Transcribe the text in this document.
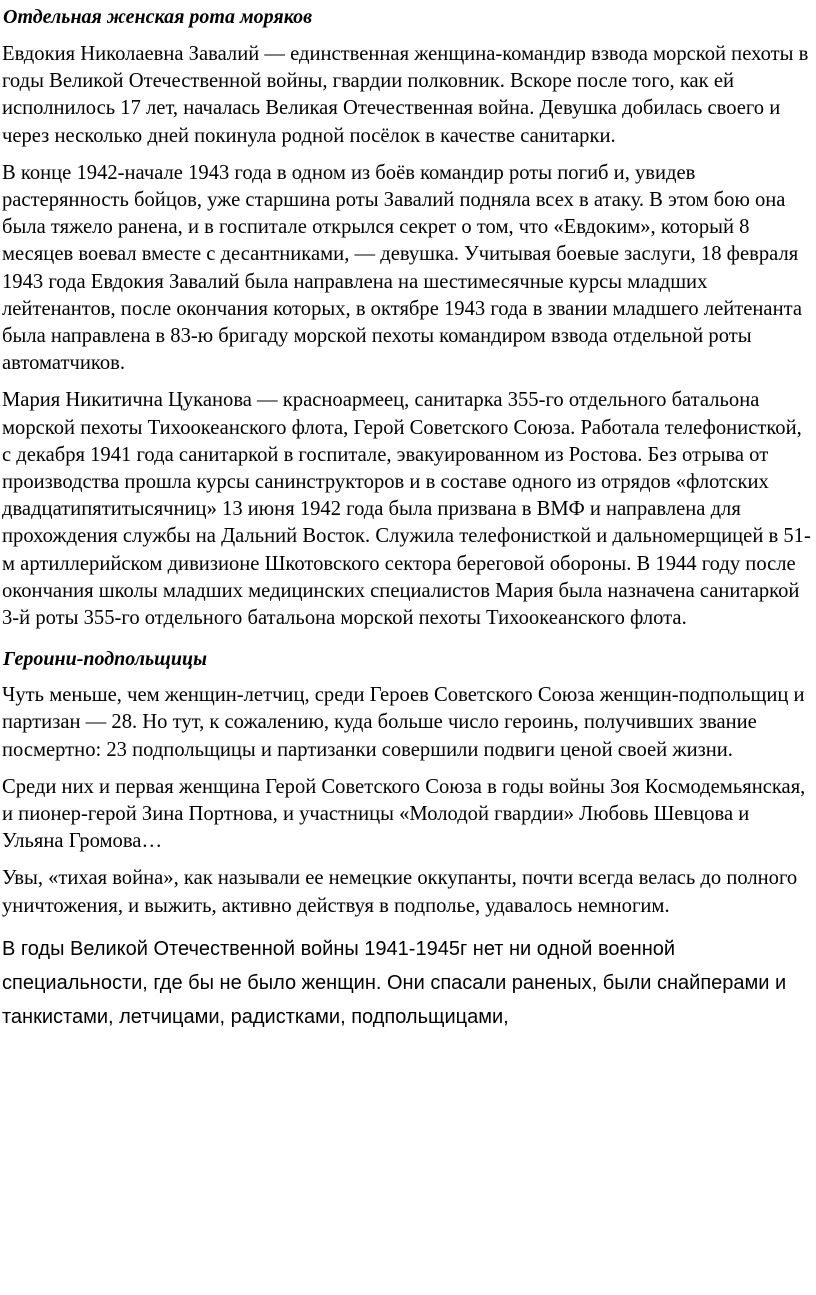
Отдельная женская рота моряков

Евдокия Николаевна Завалий — единственная женщина-командир взвода морской пехоты в годы Великой Отечественной войны, гвардии полковник. Вскоре после того, как ей исполнилось 17 лет, началась Великая Отечественная война. Девушка добилась своего и через несколько дней покинула родной посёлок в качестве санитарки.

В конце 1942-начале 1943 года в одном из боёв командир роты погиб и, увидев растерянность бойцов, уже старшина роты Завалий подняла всех в атаку. В этом бою она была тяжело ранена, и в госпитале открылся секрет о том, что «Евдоким», который 8 месяцев воевал вместе с десантниками, — девушка. Учитывая боевые заслуги, 18 февраля 1943 года Евдокия Завалий была направлена на шестимесячные курсы младших лейтенантов, после окончания которых, в октябре 1943 года в звании младшего лейтенанта была направлена в 83-ю бригаду морской пехоты командиром взвода отдельной роты автоматчиков.

Мария Никитична Цуканова — красноармеец, санитарка 355-го отдельного батальона морской пехоты Тихоокеанского флота, Герой Советского Союза. Работала телефонисткой, с декабря 1941 года санитаркой в госпитале, эвакуированном из Ростова. Без отрыва от производства прошла курсы санинструкторов и в составе одного из отрядов «флотских двадцатипятитысячниц» 13 июня 1942 года была призвана в ВМФ и направлена для прохождения службы на Дальний Восток. Служила телефонисткой и дальномерщицей в 51-м артиллерийском дивизионе Шкотовского сектора береговой обороны. В 1944 году после окончания школы младших медицинских специалистов Мария была назначена санитаркой 3-й роты 355-го отдельного батальона морской пехоты Тихоокеанского флота.

Героини-подпольщицы

Чуть меньше, чем женщин-летчиц, среди Героев Советского Союза женщин-подпольщиц и партизан — 28. Но тут, к сожалению, куда больше число героинь, получивших звание посмертно: 23 подпольщицы и партизанки совершили подвиги ценой своей жизни.

Среди них и первая женщина Герой Советского Союза в годы войны Зоя Космодемьянская, и пионер-герой Зина Портнова, и участницы «Молодой гвардии» Любовь Шевцова и Ульяна Громова…

Увы, «тихая война», как называли ее немецкие оккупанты, почти всегда велась до полного уничтожения, и выжить, активно действуя в подполье, удавалось немногим.

В годы Великой Отечественной войны 1941-1945г нет ни одной военной специальности, где бы не было женщин. Они спасали раненых, были снайперами и танкистами, летчицами, радистками, подпольщицами,
